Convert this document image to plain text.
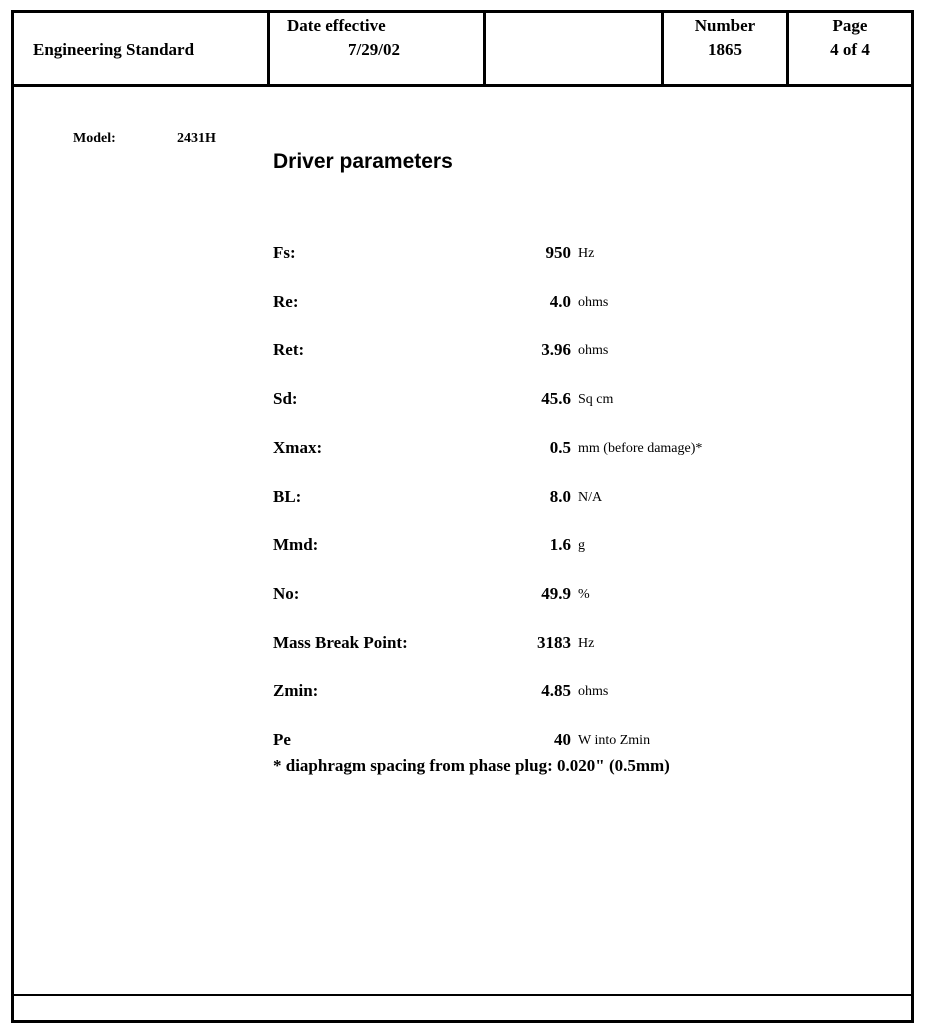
Engineering Standard
Date effective
7/29/02
Number
1865
Page
4 of 4
Model:	2431H
Driver parameters
Fs:	950 Hz
Re:	4.0 ohms
Ret:	3.96 ohms
Sd:	45.6 Sq cm
Xmax:	0.5 mm (before damage)*
BL:	8.0 N/A
Mmd:	1.6 g
No:	49.9 %
Mass Break Point:	3183 Hz
Zmin:	4.85 ohms
Pe	40 W into Zmin
* diaphragm spacing from phase plug: 0.020" (0.5mm)
